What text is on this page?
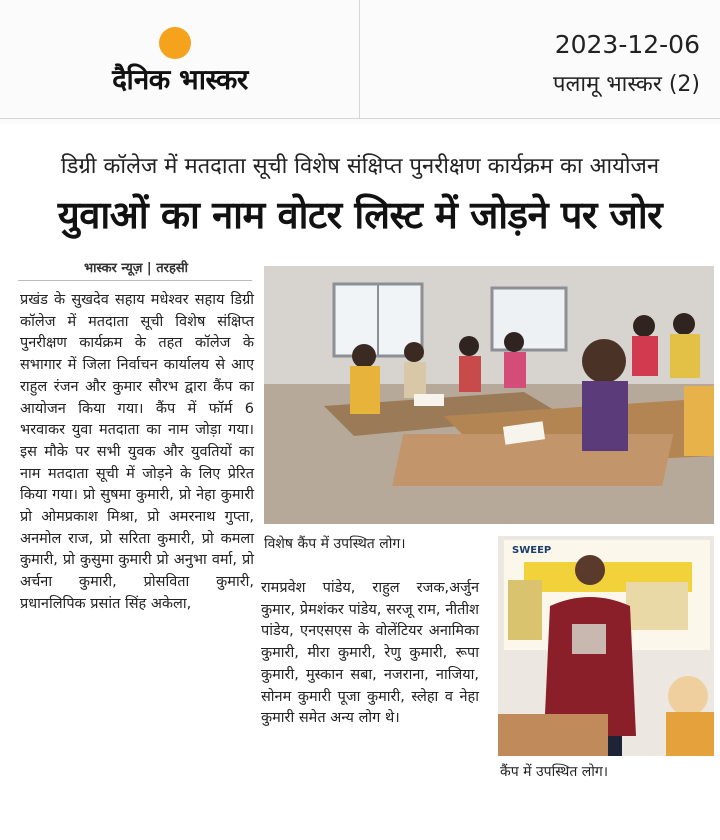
दैनिक भास्कर
2023-12-06
पलामू भास्कर (2)
डिग्री कॉलेज में मतदाता सूची विशेष संक्षिप्त पुनरीक्षण कार्यक्रम का आयोजन
युवाओं का नाम वोटर लिस्ट में जोड़ने पर जोर
भास्कर न्यूज़ | तरहसी
प्रखंड के सुखदेव सहाय मधेश्वर सहाय डिग्री कॉलेज में मतदाता सूची विशेष संक्षिप्त पुनरीक्षण कार्यक्रम के तहत कॉलेज के सभागार में जिला निर्वाचन कार्यालय से आए राहुल रंजन और कुमार सौरभ द्वारा कैंप का आयोजन किया गया। कैंप में फॉर्म 6 भरवाकर युवा मतदाता का नाम जोड़ा गया। इस मौके पर सभी युवक और युवतियों का नाम मतदाता सूची में जोड़ने के लिए प्रेरित किया गया। प्रो सुषमा कुमारी, प्रो नेहा कुमारी प्रो ओमप्रकाश मिश्रा, प्रो अमरनाथ गुप्ता, अनमोल राज, प्रो सरिता कुमारी, प्रो कमला कुमारी, प्रो कुसुमा कुमारी प्रो अनुभा वर्मा, प्रो अर्चना कुमारी, प्रोसविता कुमारी, प्रधानलिपिक प्रसांत सिंह अकेला,
विशेष कैंप में उपस्थित लोग।
रामप्रवेश पांडेय, राहुल रजक,अर्जुन कुमार, प्रेमशंकर पांडेय, सरजू राम, नीतीश पांडेय, एनएसएस के वोलेंटियर अनामिका कुमारी, मीरा कुमारी, रेणु कुमारी, रूपा कुमारी, मुस्कान सबा, नजराना, नाजिया, सोनम कुमारी पूजा कुमारी, स्लेहा व नेहा कुमारी समेत अन्य लोग थे।
SWEEP
कैंप में उपस्थित लोग।
